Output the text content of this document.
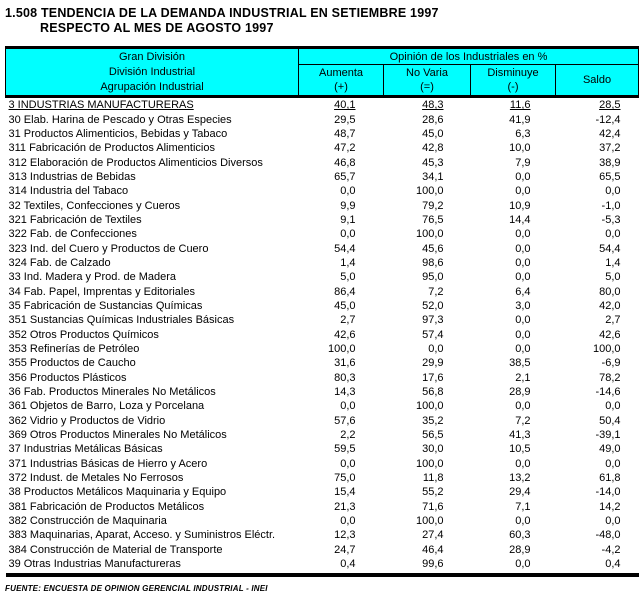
1.508 TENDENCIA DE LA DEMANDA INDUSTRIAL EN SETIEMBRE 1997
RESPECTO AL MES DE AGOSTO 1997
Gran División
División Industrial
Agrupación Industrial	Opinión de los Industriales en %			

Aumenta
(+)

No Varia
(=)

Disminuye
(-)

Saldo

3 INDUSTRIAS MANUFACTURERAS	40,1	48,3	11,6	28,5
30 Elab. Harina de Pescado y Otras Especies	29,5	28,6	41,9	-12,4
31 Productos Alimenticios, Bebidas y Tabaco	48,7	45,0	6,3	42,4
311 Fabricación de Productos Alimenticios	47,2	42,8	10,0	37,2
312 Elaboración de Productos Alimenticios Diversos	46,8	45,3	7,9	38,9
313 Industrias de Bebidas	65,7	34,1	0,0	65,5
314 Industria del Tabaco	0,0	100,0	0,0	0,0
32 Textiles, Confecciones y Cueros	9,9	79,2	10,9	-1,0
321 Fabricación de Textiles	9,1	76,5	14,4	-5,3
322 Fab. de Confecciones	0,0	100,0	0,0	0,0
323 Ind. del Cuero y Productos de Cuero	54,4	45,6	0,0	54,4
324 Fab. de Calzado	1,4	98,6	0,0	1,4
33 Ind. Madera y Prod. de Madera	5,0	95,0	0,0	5,0
34 Fab. Papel, Imprentas y Editoriales	86,4	7,2	6,4	80,0
35 Fabricación de Sustancias Químicas	45,0	52,0	3,0	42,0
351 Sustancias Químicas Industriales Básicas	2,7	97,3	0,0	2,7
352 Otros Productos Químicos	42,6	57,4	0,0	42,6
353 Refinerías de Petróleo	100,0	0,0	0,0	100,0
355 Productos de Caucho	31,6	29,9	38,5	-6,9
356 Productos Plásticos	80,3	17,6	2,1	78,2
36 Fab. Productos Minerales No Metálicos	14,3	56,8	28,9	-14,6
361 Objetos de Barro, Loza y Porcelana	0,0	100,0	0,0	0,0
362 Vidrio y Productos de Vidrio	57,6	35,2	7,2	50,4
369 Otros Productos Minerales No Metálicos	2,2	56,5	41,3	-39,1
37 Industrias Metálicas Básicas	59,5	30,0	10,5	49,0
371 Industrias Básicas de Hierro y Acero	0,0	100,0	0,0	0,0
372 Indust. de Metales No Ferrosos	75,0	11,8	13,2	61,8
38 Productos Metálicos Maquinaria y Equipo	15,4	55,2	29,4	-14,0
381 Fabricación de Productos Metálicos	21,3	71,6	7,1	14,2
382 Construcción de Maquinaria	0,0	100,0	0,0	0,0
383 Maquinarias, Aparat, Acceso. y Suministros Eléctr.	12,3	27,4	60,3	-48,0
384 Construcción de Material de Transporte	24,7	46,4	28,9	-4,2
39 Otras Industrias Manufactureras	0,4	99,6	0,0	0,4
FUENTE: ENCUESTA DE OPINION GERENCIAL INDUSTRIAL - INEI
